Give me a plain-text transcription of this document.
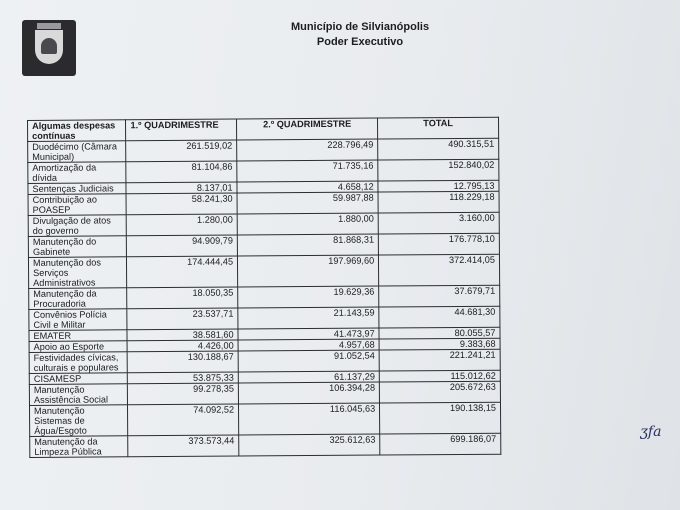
Município de Silvianópolis
Poder Executivo
Algumas despesas contínuas	1.º QUADRIMESTRE	2.º QUADRIMESTRE	TOTAL
Duodécimo (Câmara Municipal)	261.519,02	228.796,49	490.315,51
Amortização da dívida	81.104,86	71.735,16	152.840,02
Sentenças Judiciais	8.137,01	4.658,12	12.795,13
Contribuição ao POASEP	58.241,30	59.987,88	118.229,18
Divulgação de atos do governo	1.280,00	1.880,00	3.160,00
Manutenção do Gabinete	94.909,79	81.868,31	176.778,10
Manutenção dos Serviços Administrativos	174.444,45	197.969,60	372.414,05
Manutenção da Procuradoria	18.050,35	19.629,36	37.679,71
Convênios Polícia Civil e Militar	23.537,71	21.143,59	44.681,30
EMATER	38.581,60	41.473,97	80.055,57
Apoio ao Esporte	4.426,00	4.957,68	9.383,68
Festividades cívicas, culturais e populares	130.188,67	91.052,54	221.241,21
CISAMESP	53.875,33	61.137,29	115.012,62
Manutenção Assistência Social	99.278,35	106.394,28	205.672,63
Manutenção Sistemas de Água/Esgoto	74.092,52	116.045,63	190.138,15
Manutenção da Limpeza Pública	373.573,44	325.612,63	699.186,07	ʒfa
